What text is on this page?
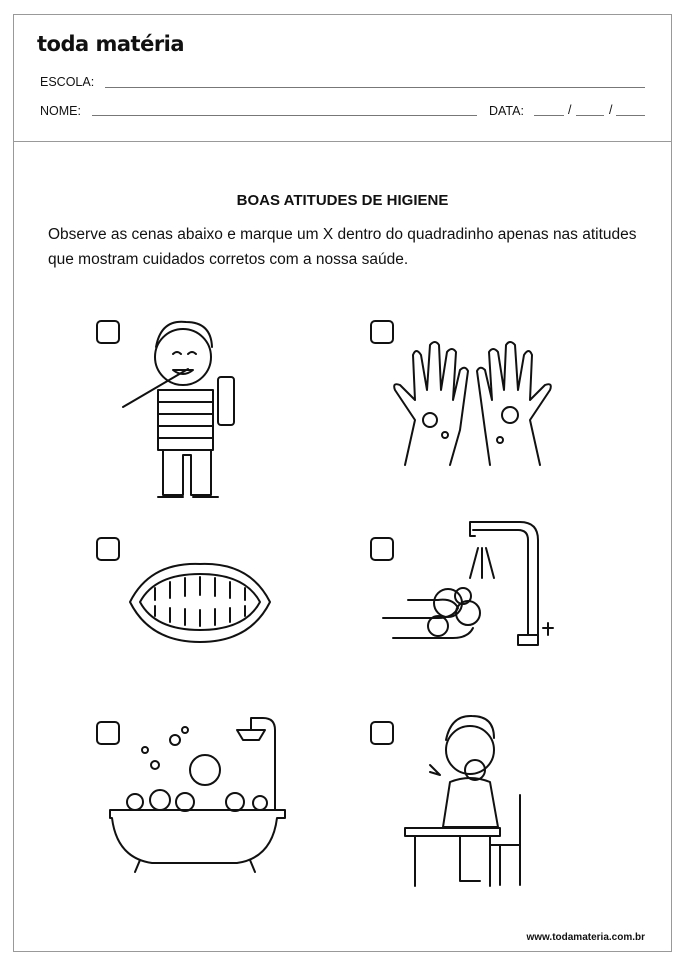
toda matéria
ESCOLA:
NOME:	DATA:	/	/
BOAS ATITUDES DE HIGIENE
Observe as cenas abaixo e marque um X dentro do quadradinho apenas nas atitudes que mostram cuidados corretos com a nossa saúde.
www.todamateria.com.br
